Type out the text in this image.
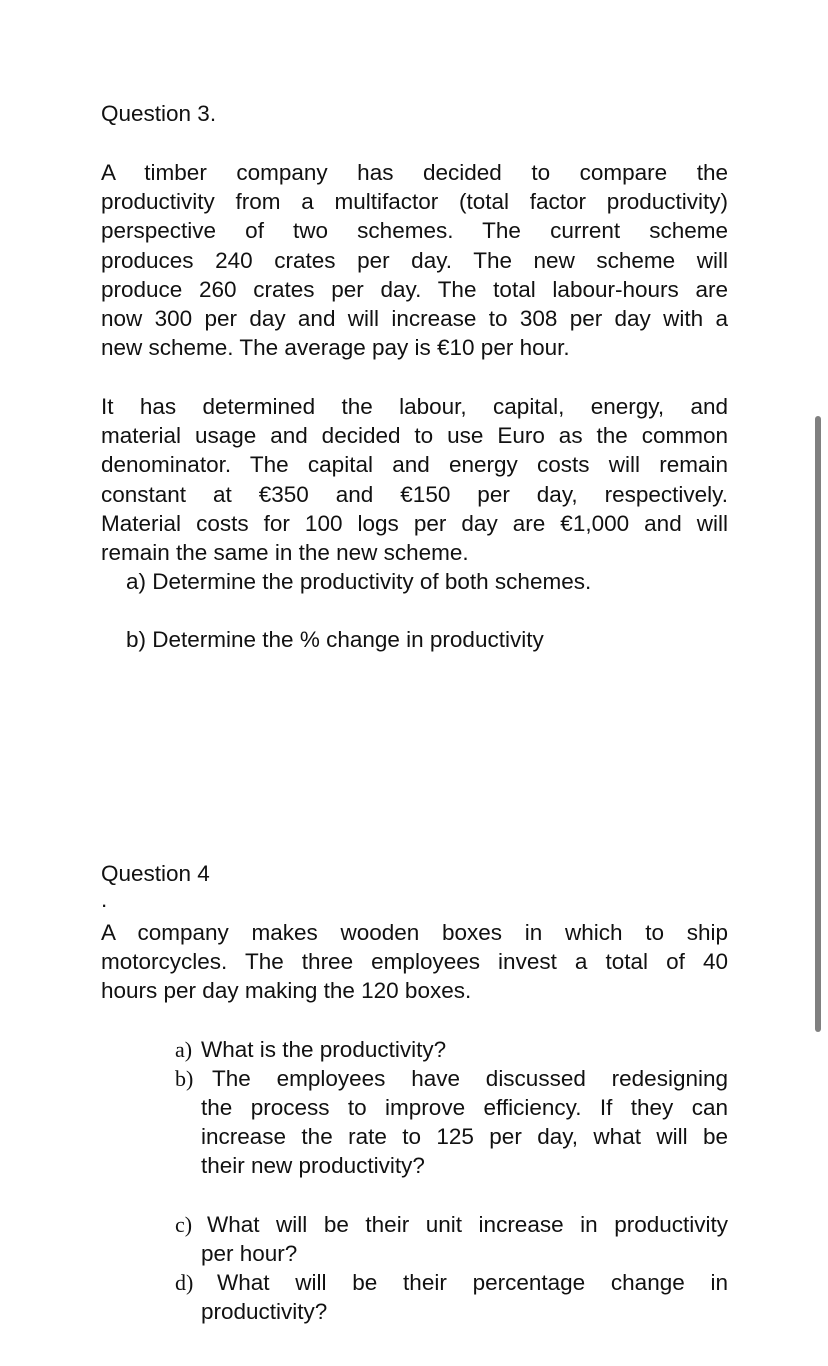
Question 3.
A timber company has decided to compare the
productivity from a multifactor (total factor productivity)
perspective of two schemes. The current scheme
produces 240 crates per day. The new scheme will
produce 260 crates per day. The total labour-hours are
now 300 per day and will increase to 308 per day with a
new scheme. The average pay is €10 per hour.
It has determined the labour, capital, energy, and
material usage and decided to use Euro as the common
denominator. The capital and energy costs will remain
constant at €350 and €150 per day, respectively.
Material costs for 100 logs per day are €1,000 and will
remain the same in the new scheme.
a) Determine the productivity of both schemes.
b) Determine the % change in productivity
Question 4
.
A company makes wooden boxes in which to ship
motorcycles. The three employees invest a total of 40
hours per day making the 120 boxes.
a) What is the productivity?
b) The employees have discussed redesigning
the process to improve efficiency. If they can
increase the rate to 125 per day, what will be
their new productivity?
c) What will be their unit increase in productivity
per hour?
d) What will be their percentage change in
productivity?
